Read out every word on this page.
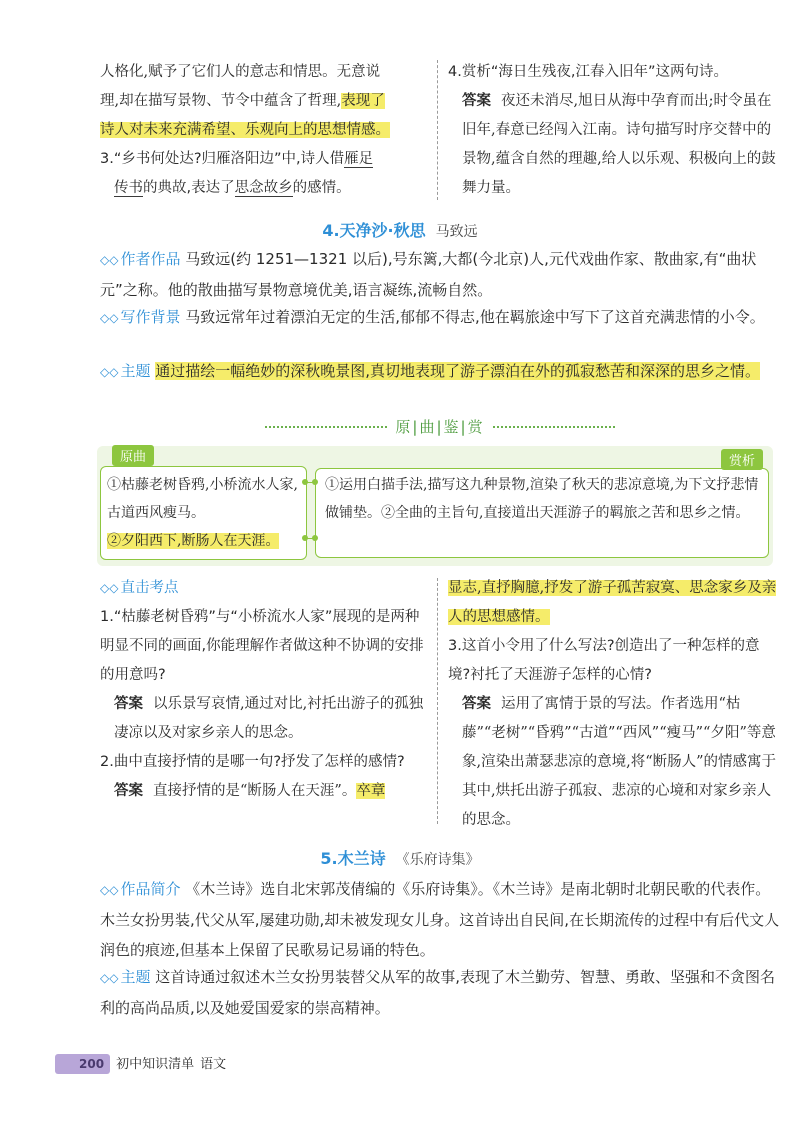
人格化,赋予了它们人的意志和情思。无意说
理,却在描写景物、节令中蕴含了哲理,表现了
诗人对未来充满希望、乐观向上的思想情感。
3.“乡书何处达?归雁洛阳边”中,诗人借雁足
传书的典故,表达了思念故乡的感情。
4.赏析“海日生残夜,江春入旧年”这两句诗。
答案 夜还未消尽,旭日从海中孕育而出;时令虽在旧年,春意已经闯入江南。诗句描写时序交替中的景物,蕴含自然的理趣,给人以乐观、积极向上的鼓舞力量。
4.天净沙·秋思 马致远
◇◇ 作者作品 马致远(约 1251—1321 以后),号东篱,大都(今北京)人,元代戏曲作家、散曲家,有“曲状元”之称。他的散曲描写景物意境优美,语言凝练,流畅自然。
◇◇ 写作背景 马致远常年过着漂泊无定的生活,郁郁不得志,他在羁旅途中写下了这首充满悲情的小令。
◇◇ 主题 通过描绘一幅绝妙的深秋晚景图,真切地表现了游子漂泊在外的孤寂愁苦和深深的思乡之情。
原|曲|鉴|赏
原曲	赏析
①枯藤老树昏鸦,小桥流水人家,古道西风瘦马。
②夕阳西下,断肠人在天涯。
①运用白描手法,描写这九种景物,渲染了秋天的悲凉意境,为下文抒悲情做铺垫。②全曲的主旨句,直接道出天涯游子的羁旅之苦和思乡之情。
◇◇ 直击考点
1.“枯藤老树昏鸦”与“小桥流水人家”展现的是两种明显不同的画面,你能理解作者做这种不协调的安排的用意吗?
答案 以乐景写哀情,通过对比,衬托出游子的孤独凄凉以及对家乡亲人的思念。
2.曲中直接抒情的是哪一句?抒发了怎样的感情?
答案 直接抒情的是“断肠人在天涯”。卒章
显志,直抒胸臆,抒发了游子孤苦寂寞、思念家乡及亲人的思想感情。
3.这首小令用了什么写法?创造出了一种怎样的意境?衬托了天涯游子怎样的心情?
答案 运用了寓情于景的写法。作者选用“枯藤”“老树”“昏鸦”“古道”“西风”“瘦马”“夕阳”等意象,渲染出萧瑟悲凉的意境,将“断肠人”的情感寓于其中,烘托出游子孤寂、悲凉的心境和对家乡亲人的思念。
5.木兰诗 《乐府诗集》
◇◇ 作品简介 《木兰诗》选自北宋郭茂倩编的《乐府诗集》。《木兰诗》是南北朝时北朝民歌的代表作。木兰女扮男装,代父从军,屡建功勋,却未被发现女儿身。这首诗出自民间,在长期流传的过程中有后代文人润色的痕迹,但基本上保留了民歌易记易诵的特色。
◇◇ 主题 这首诗通过叙述木兰女扮男装替父从军的故事,表现了木兰勤劳、智慧、勇敢、坚强和不贪图名利的高尚品质,以及她爱国爱家的崇高精神。
200 初中知识清单 语文
